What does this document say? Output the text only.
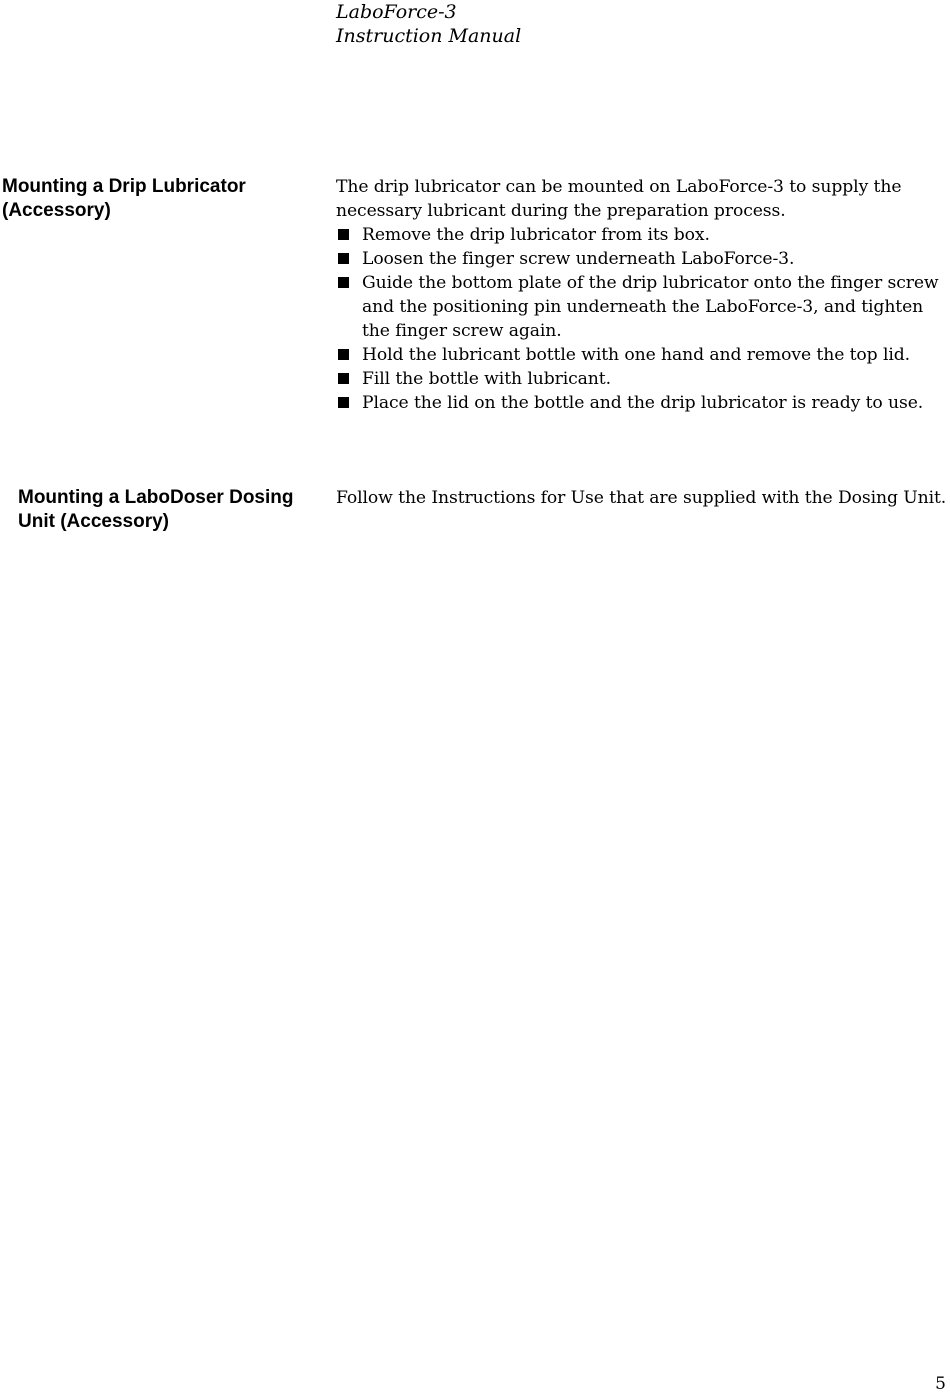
LaboForce-3
Instruction Manual
Mounting a Drip Lubricator
(Accessory)

The drip lubricator can be mounted on LaboForce-3 to supply the necessary lubricant during the preparation process.

Remove the drip lubricator from its box.
Loosen the finger screw underneath LaboForce-3.
Guide the bottom plate of the drip lubricator onto the finger screw and the positioning pin underneath the LaboForce-3, and tighten the finger screw again.
Hold the lubricant bottle with one hand and remove the top lid.
Fill the bottle with lubricant.
Place the lid on the bottle and the drip lubricator is ready to use.
Mounting a LaboDoser Dosing
Unit (Accessory)

Follow the Instructions for Use that are supplied with the Dosing Unit.

5
